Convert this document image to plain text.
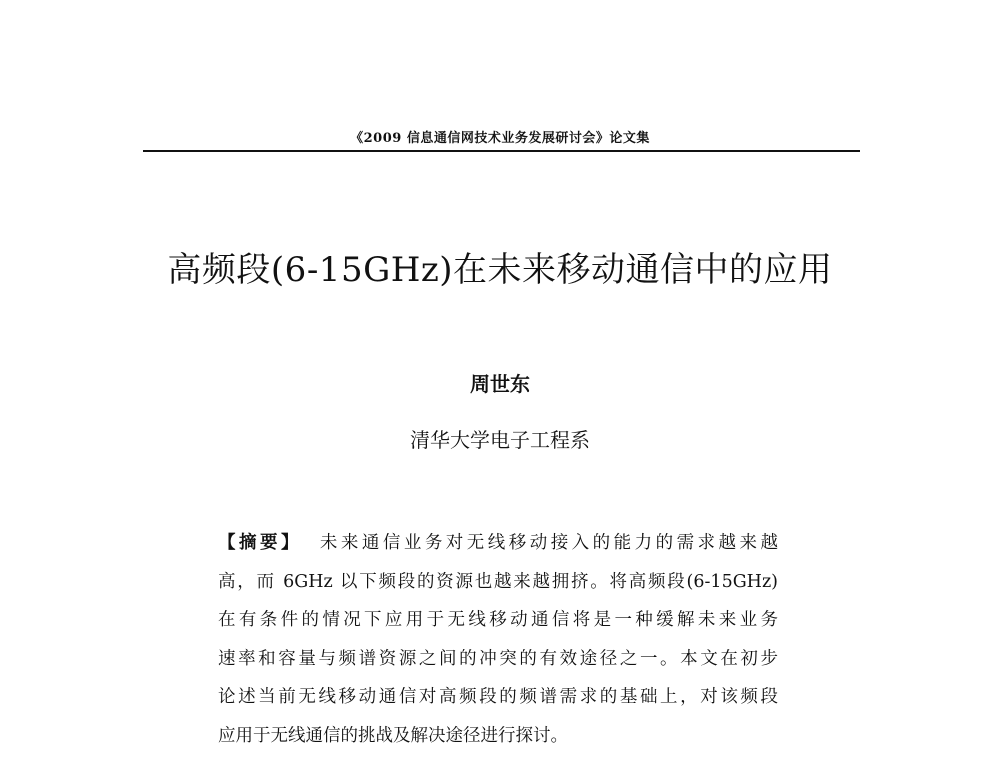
《2009 信息通信网技术业务发展研讨会》论文集
高频段(6-15GHz)在未来移动通信中的应用
周世东
清华大学电子工程系
【摘要】 未来通信业务对无线移动接入的能力的需求越来越
高，而 6GHz 以下频段的资源也越来越拥挤。将高频段(6-15GHz)
在有条件的情况下应用于无线移动通信将是一种缓解未来业务
速率和容量与频谱资源之间的冲突的有效途径之一。本文在初步
论述当前无线移动通信对高频段的频谱需求的基础上，对该频段
应用于无线通信的挑战及解决途径进行探讨。
